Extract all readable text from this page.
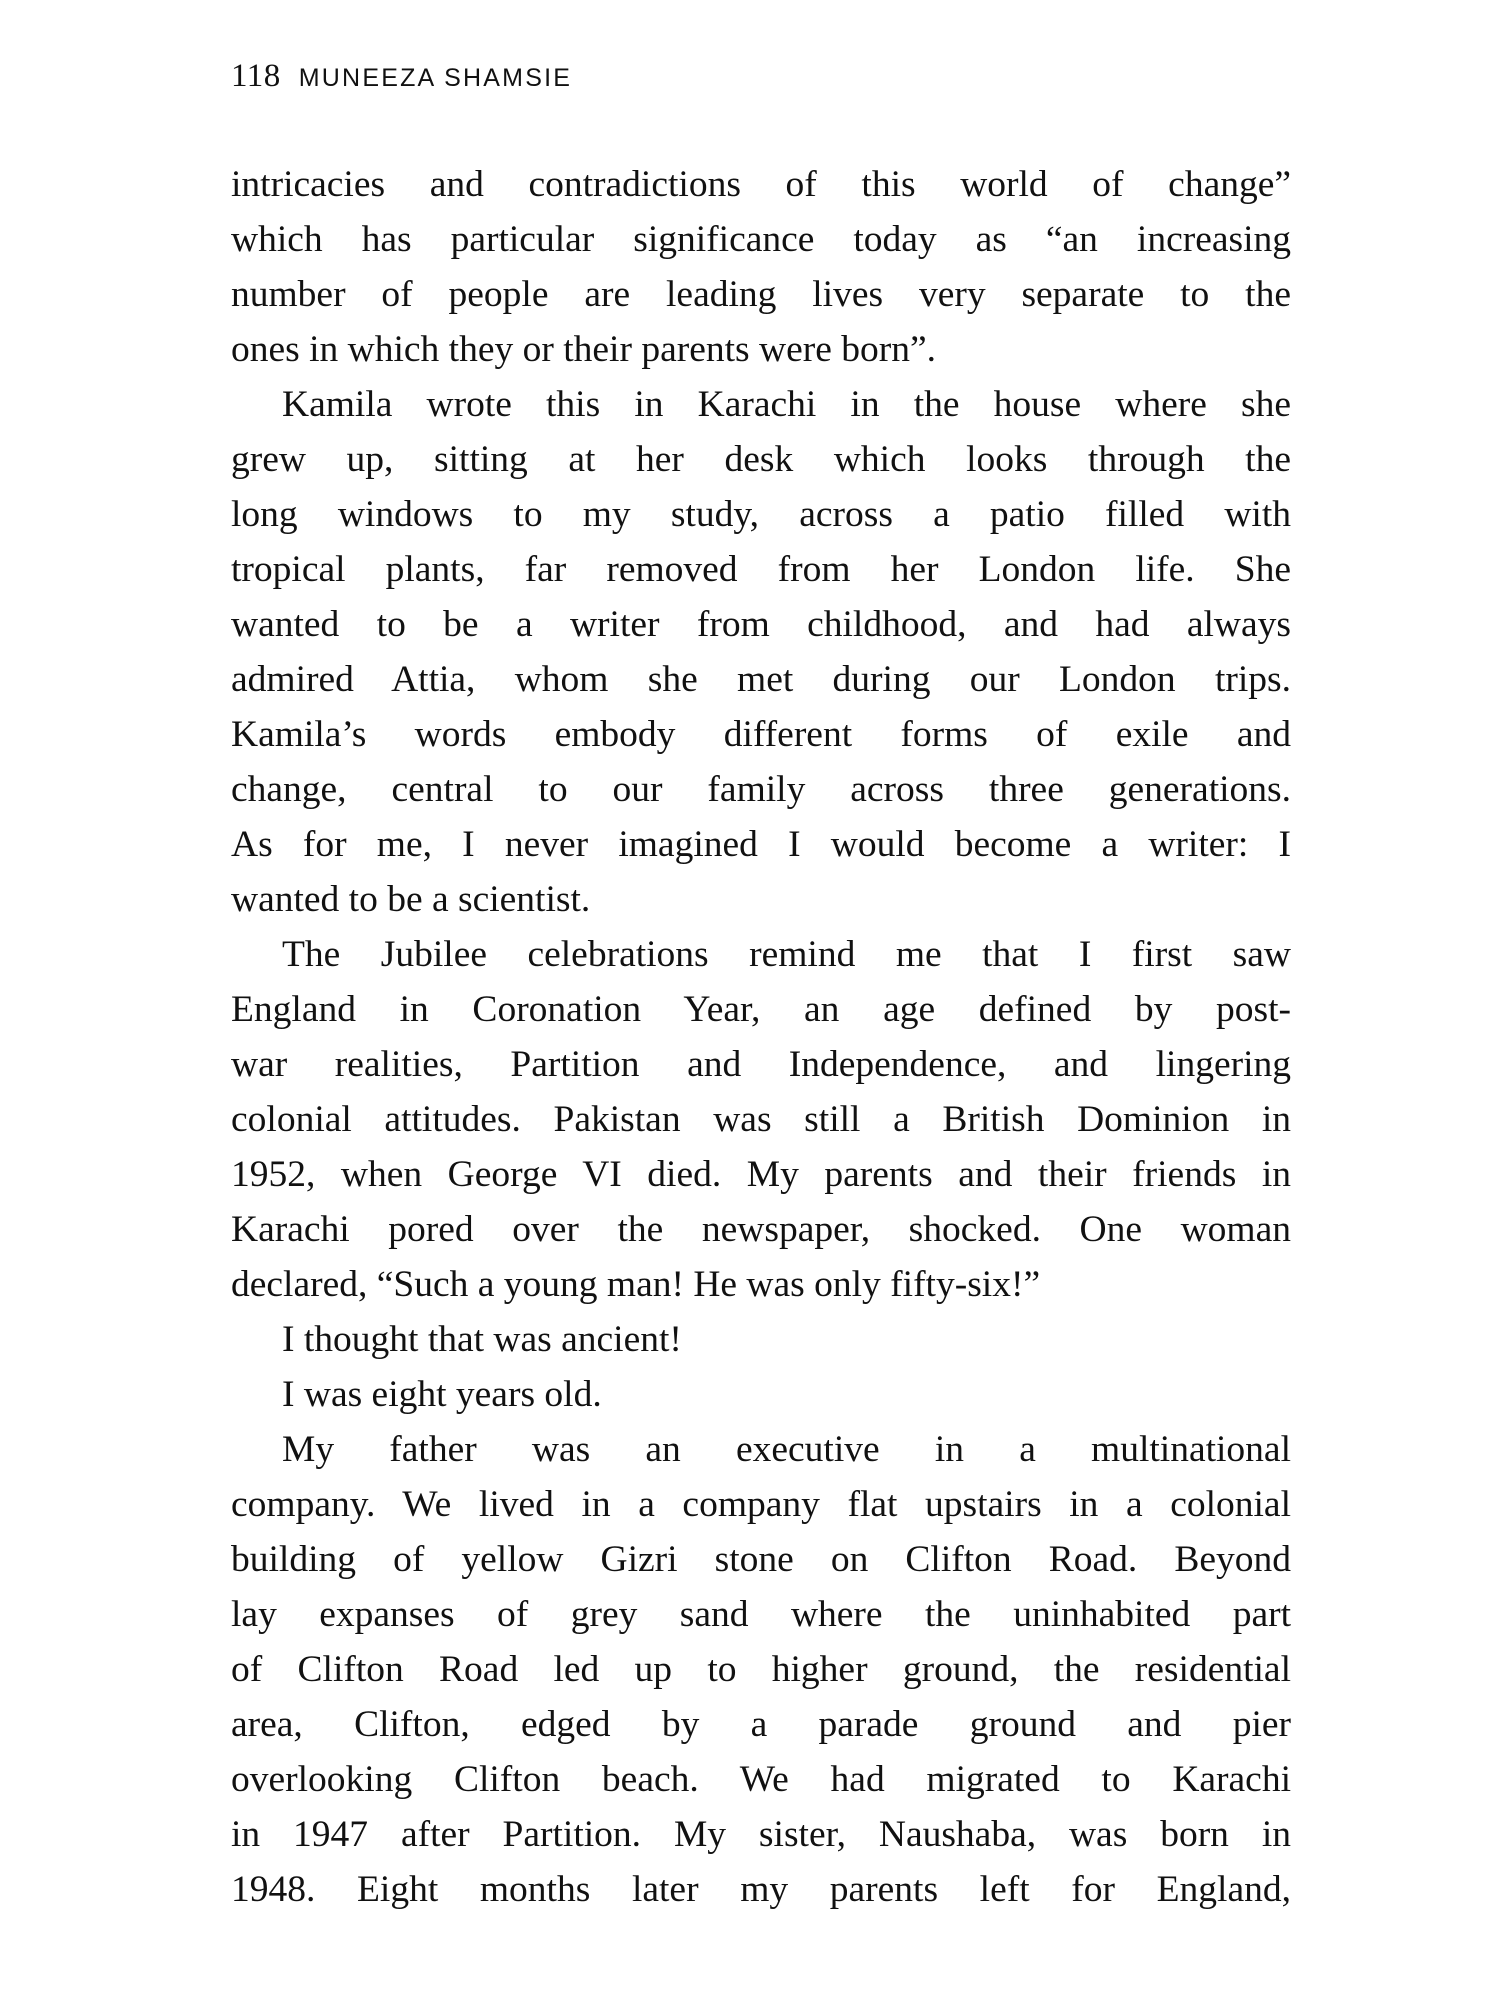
118 MUNEEZA SHAMSIE
intricacies and contradictions of this world of change”
which has particular significance today as “an increasing
number of people are leading lives very separate to the
ones in which they or their parents were born”.
Kamila wrote this in Karachi in the house where she
grew up, sitting at her desk which looks through the
long windows to my study, across a patio filled with
tropical plants, far removed from her London life. She
wanted to be a writer from childhood, and had always
admired Attia, whom she met during our London trips.
Kamila’s words embody different forms of exile and
change, central to our family across three generations.
As for me, I never imagined I would become a writer: I
wanted to be a scientist.
The Jubilee celebrations remind me that I first saw
England in Coronation Year, an age defined by post-
war realities, Partition and Independence, and lingering
colonial attitudes. Pakistan was still a British Dominion in
1952, when George VI died. My parents and their friends in
Karachi pored over the newspaper, shocked. One woman
declared, “Such a young man! He was only fifty-six!”
I thought that was ancient!
I was eight years old.
My father was an executive in a multinational
company. We lived in a company flat upstairs in a colonial
building of yellow Gizri stone on Clifton Road. Beyond
lay expanses of grey sand where the uninhabited part
of Clifton Road led up to higher ground, the residential
area, Clifton, edged by a parade ground and pier
overlooking Clifton beach. We had migrated to Karachi
in 1947 after Partition. My sister, Naushaba, was born in
1948. Eight months later my parents left for England,
